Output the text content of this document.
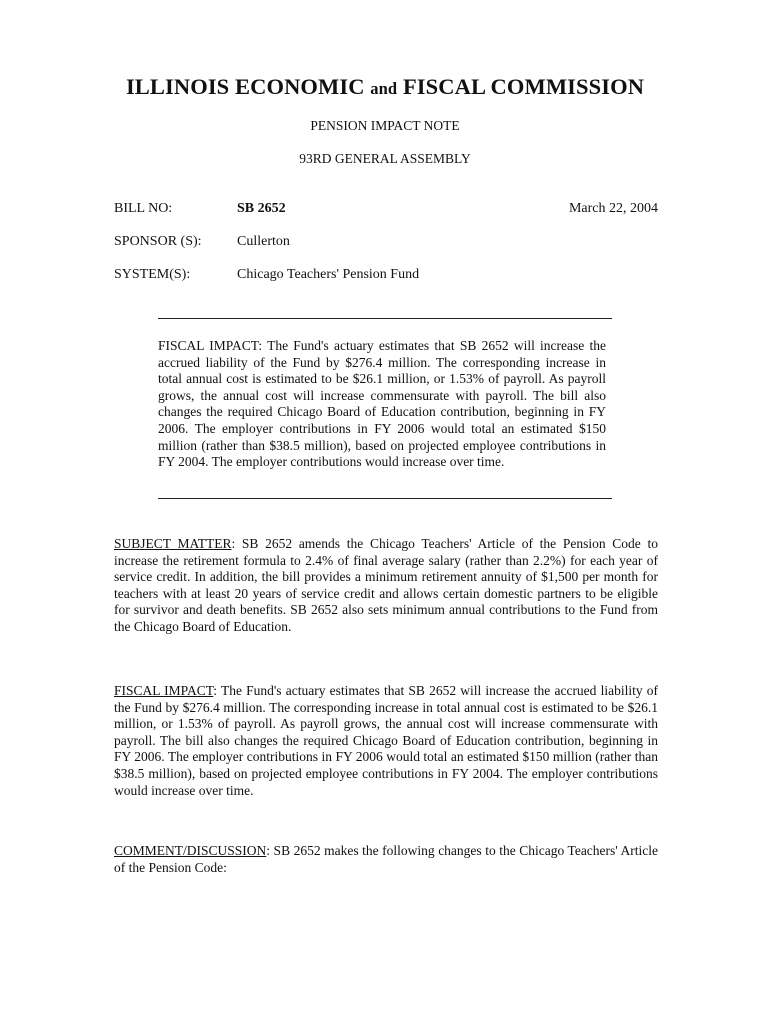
ILLINOIS ECONOMIC and FISCAL COMMISSION
PENSION IMPACT NOTE
93RD GENERAL ASSEMBLY
BILL NO:	SB 2652	March 22, 2004
SPONSOR (S):	Cullerton
SYSTEM(S):	Chicago Teachers' Pension Fund
FISCAL IMPACT: The Fund's actuary estimates that SB 2652 will increase the accrued liability of the Fund by $276.4 million. The corresponding increase in total annual cost is estimated to be $26.1 million, or 1.53% of payroll. As payroll grows, the annual cost will increase commensurate with payroll. The bill also changes the required Chicago Board of Education contribution, beginning in FY 2006. The employer contributions in FY 2006 would total an estimated $150 million (rather than $38.5 million), based on projected employee contributions in FY 2004. The employer contributions would increase over time.
SUBJECT MATTER: SB 2652 amends the Chicago Teachers' Article of the Pension Code to increase the retirement formula to 2.4% of final average salary (rather than 2.2%) for each year of service credit. In addition, the bill provides a minimum retirement annuity of $1,500 per month for teachers with at least 20 years of service credit and allows certain domestic partners to be eligible for survivor and death benefits. SB 2652 also sets minimum annual contributions to the Fund from the Chicago Board of Education.
FISCAL IMPACT: The Fund's actuary estimates that SB 2652 will increase the accrued liability of the Fund by $276.4 million. The corresponding increase in total annual cost is estimated to be $26.1 million, or 1.53% of payroll. As payroll grows, the annual cost will increase commensurate with payroll. The bill also changes the required Chicago Board of Education contribution, beginning in FY 2006. The employer contributions in FY 2006 would total an estimated $150 million (rather than $38.5 million), based on projected employee contributions in FY 2004. The employer contributions would increase over time.
COMMENT/DISCUSSION: SB 2652 makes the following changes to the Chicago Teachers' Article of the Pension Code:
